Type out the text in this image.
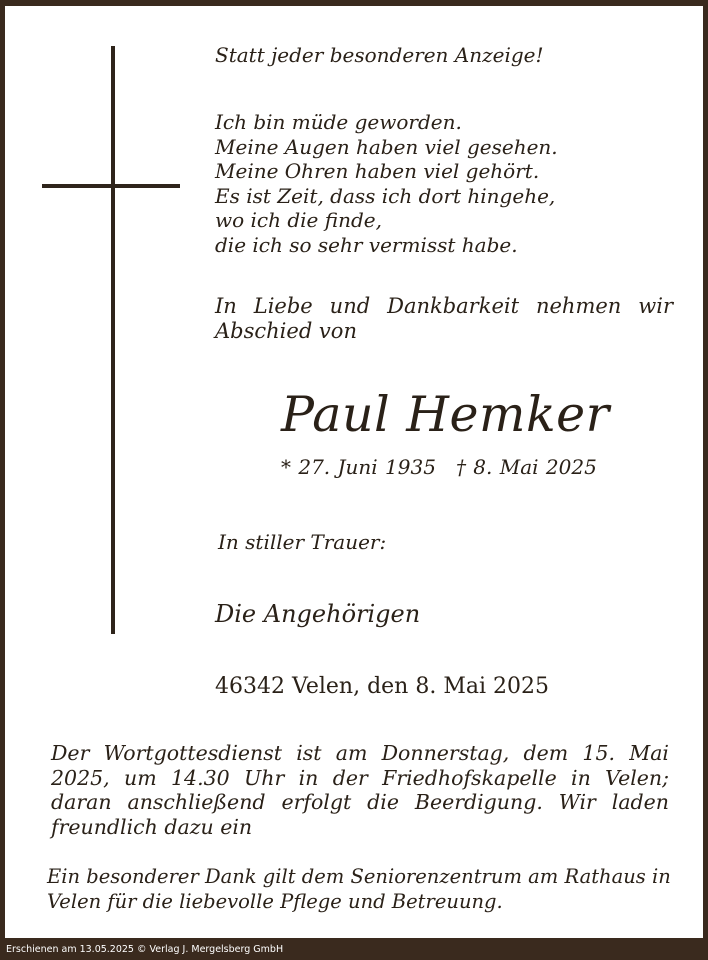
Statt jeder besonderen Anzeige!
Ich bin müde geworden.
Meine Augen haben viel gesehen.
Meine Ohren haben viel gehört.
Es ist Zeit, dass ich dort hingehe,
wo ich die finde,
die ich so sehr vermisst habe.
In Liebe und Dankbarkeit nehmen wir Abschied von
Paul Hemker
* 27. Juni 1935 † 8. Mai 2025
In stiller Trauer:
Die Angehörigen
46342 Velen, den 8. Mai 2025
Der Wortgottesdienst ist am Donnerstag, dem 15. Mai 2025, um 14.30 Uhr in der Friedhofskapelle in Velen; daran anschließend erfolgt die Beerdigung. Wir laden freundlich dazu ein
Ein besonderer Dank gilt dem Seniorenzentrum am Rathaus in Velen für die liebevolle Pflege und Betreuung.
Erschienen am 13.05.2025 © Verlag J. Mergelsberg GmbH
